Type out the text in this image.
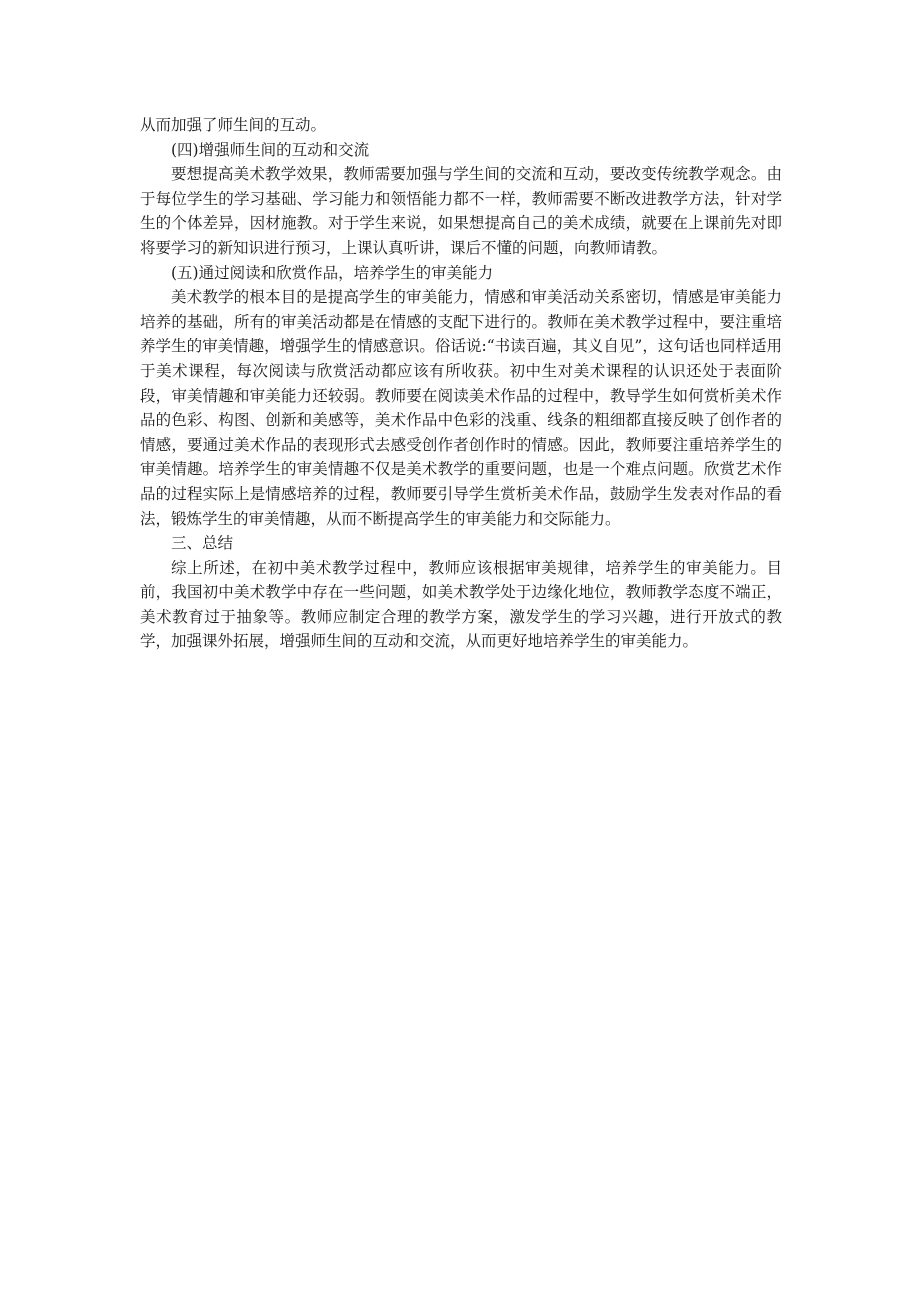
从而加强了师生间的互动。

(四)增强师生间的互动和交流

要想提高美术教学效果，教师需要加强与学生间的交流和互动，要改变传统教学观念。由于每位学生的学习基础、学习能力和领悟能力都不一样，教师需要不断改进教学方法，针对学生的个体差异，因材施教。对于学生来说，如果想提高自己的美术成绩，就要在上课前先对即将要学习的新知识进行预习，上课认真听讲，课后不懂的问题，向教师请教。

(五)通过阅读和欣赏作品，培养学生的审美能力

美术教学的根本目的是提高学生的审美能力，情感和审美活动关系密切，情感是审美能力培养的基础，所有的审美活动都是在情感的支配下进行的。教师在美术教学过程中，要注重培养学生的审美情趣，增强学生的情感意识。俗话说:“书读百遍，其义自见”，这句话也同样适用于美术课程，每次阅读与欣赏活动都应该有所收获。初中生对美术课程的认识还处于表面阶段，审美情趣和审美能力还较弱。教师要在阅读美术作品的过程中，教导学生如何赏析美术作品的色彩、构图、创新和美感等，美术作品中色彩的浅重、线条的粗细都直接反映了创作者的情感，要通过美术作品的表现形式去感受创作者创作时的情感。因此，教师要注重培养学生的审美情趣。培养学生的审美情趣不仅是美术教学的重要问题，也是一个难点问题。欣赏艺术作品的过程实际上是情感培养的过程，教师要引导学生赏析美术作品，鼓励学生发表对作品的看法，锻炼学生的审美情趣，从而不断提高学生的审美能力和交际能力。

三、总结

综上所述，在初中美术教学过程中，教师应该根据审美规律，培养学生的审美能力。目前，我国初中美术教学中存在一些问题，如美术教学处于边缘化地位，教师教学态度不端正，美术教育过于抽象等。教师应制定合理的教学方案，激发学生的学习兴趣，进行开放式的教学，加强课外拓展，增强师生间的互动和交流，从而更好地培养学生的审美能力。
